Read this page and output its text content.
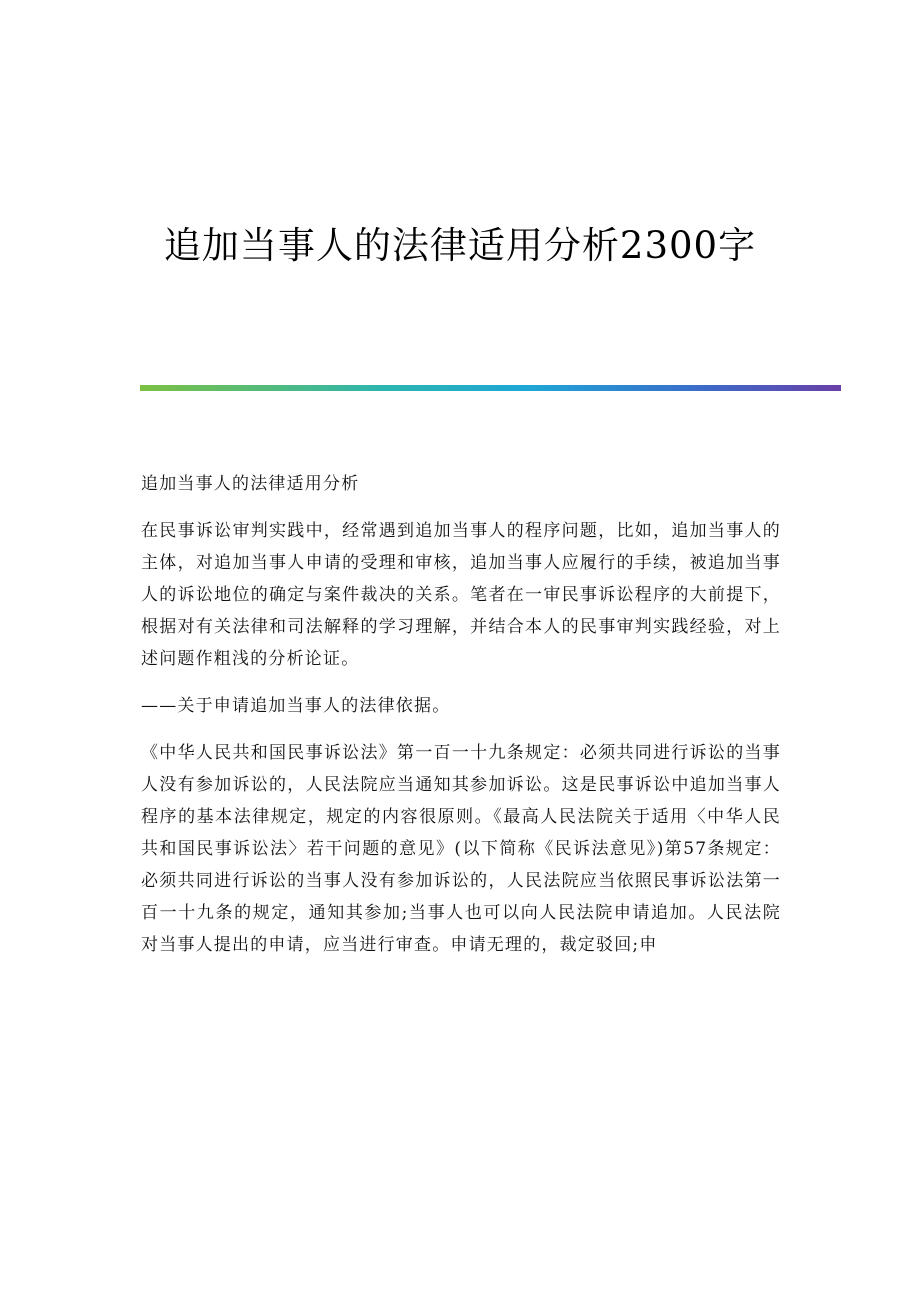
追加当事人的法律适用分析2300字

追加当事人的法律适用分析

在民事诉讼审判实践中，经常遇到追加当事人的程序问题，比如，追加当事人的主体，对追加当事人申请的受理和审核，追加当事人应履行的手续，被追加当事人的诉讼地位的确定与案件裁决的关系。笔者在一审民事诉讼程序的大前提下，根据对有关法律和司法解释的学习理解，并结合本人的民事审判实践经验，对上述问题作粗浅的分析论证。

——关于申请追加当事人的法律依据。

《中华人民共和国民事诉讼法》第一百一十九条规定：必须共同进行诉讼的当事人没有参加诉讼的，人民法院应当通知其参加诉讼。这是民事诉讼中追加当事人程序的基本法律规定，规定的内容很原则。《最高人民法院关于适用〈中华人民共和国民事诉讼法〉若干问题的意见》(以下简称《民诉法意见》)第57条规定：必须共同进行诉讼的当事人没有参加诉讼的，人民法院应当依照民事诉讼法第一百一十九条的规定，通知其参加;当事人也可以向人民法院申请追加。人民法院对当事人提出的申请，应当进行审查。申请无理的，裁定驳回;申
